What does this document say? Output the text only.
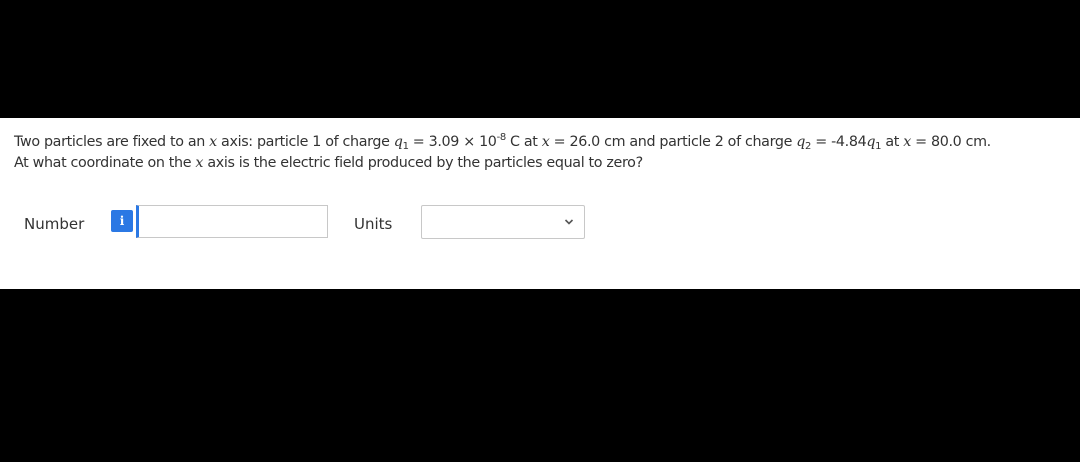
Two particles are fixed to an x axis: particle 1 of charge $q_1 = 3.09 \times 10^{-8}$ C at x = 26.0 cm and particle 2 of charge $q_2 = -4.84q_1$ at x = 80.0 cm.
At what coordinate on the x axis is the electric field produced by the particles equal to zero?
Number	i	Units
